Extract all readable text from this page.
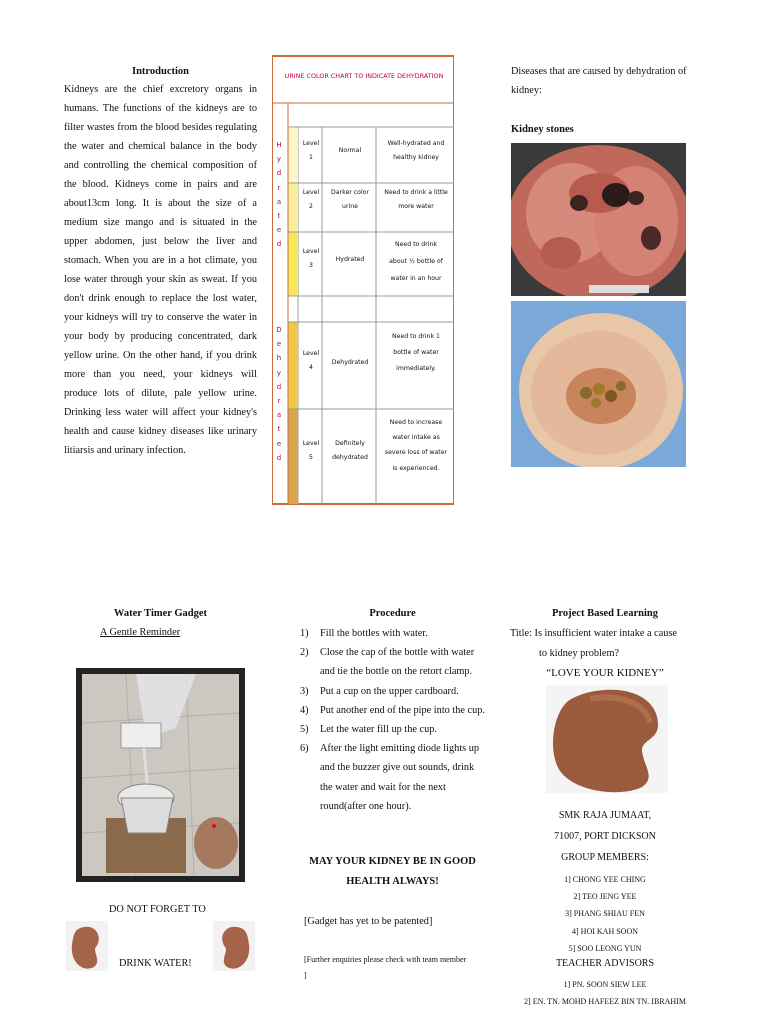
Introduction
Kidneys are the chief excretory organs in humans. The functions of the kidneys are to filter wastes from the blood besides regulating the water and chemical balance in the body and controlling the chemical composition of the blood. Kidneys come in pairs and are about13cm long. It is about the size of a medium size mango and is situated in the upper abdomen, just below the liver and stomach. When you are in a hot climate, you lose water through your skin as sweat. If you don't drink enough to replace the lost water, your kidneys will try to conserve the water in your body by producing concentrated, dark yellow urine. On the other hand, if you drink more than you need, your kidneys will produce lots of dilute, pale yellow urine. Drinking less water will affect your kidney's health and cause kidney diseases like urinary litiarsis and urinary infection.
URINE COLOR CHART TO INDICATE DEHYDRATION
H
y
d
r
a
t
e
d
D
e
h
y
d
r
a
t
e
d
Level
1
Normal
Well-hydrated and healthy kidney
Level
2
Darker color urine
Need to drink a little more water
Level
3
Hydrated
Need to drink
about ½ bottle of
water in an hour
Level
4
Dehydrated
Need to drink 1 bottle of water immediately.
Level
5
Definitely dehydrated
Need to increase water intake as severe loss of water is experienced.
Diseases that are caused by dehydration of kidney:
Kidney stones
Water Timer Gadget
A Gentle Reminder
DO NOT FORGET TO
DRINK WATER!
Procedure
1) Fill the bottles with water.
2) Close the cap of the bottle with water and tie the bottle on the retort clamp.
3) Put a cup on the upper cardboard.
4) Put another end of the pipe into the cup.
5) Let the water fill up the cup.
6) After the light emitting diode lights up and the buzzer give out sounds, drink the water and wait for the next round(after one hour).
MAY YOUR KIDNEY BE IN GOOD
HEALTH ALWAYS!
[Gadget has yet to be patented]
[Further enquiries please check with team member ]
Project Based Learning
Title: Is insufficient water intake a cause
to kidney problem?
“LOVE YOUR KIDNEY”
SMK RAJA JUMAAT,
71007, PORT DICKSON
GROUP MEMBERS:
1] CHONG YEE CHING
2] TEO JENG YEE
3] PHANG SHIAU FEN
4] HOI KAH SOON
5] SOO LEONG YUN
TEACHER ADVISORS
1] PN. SOON SIEW LEE
2] EN. TN. MOHD HAFEEZ BIN TN. IBRAHIM
